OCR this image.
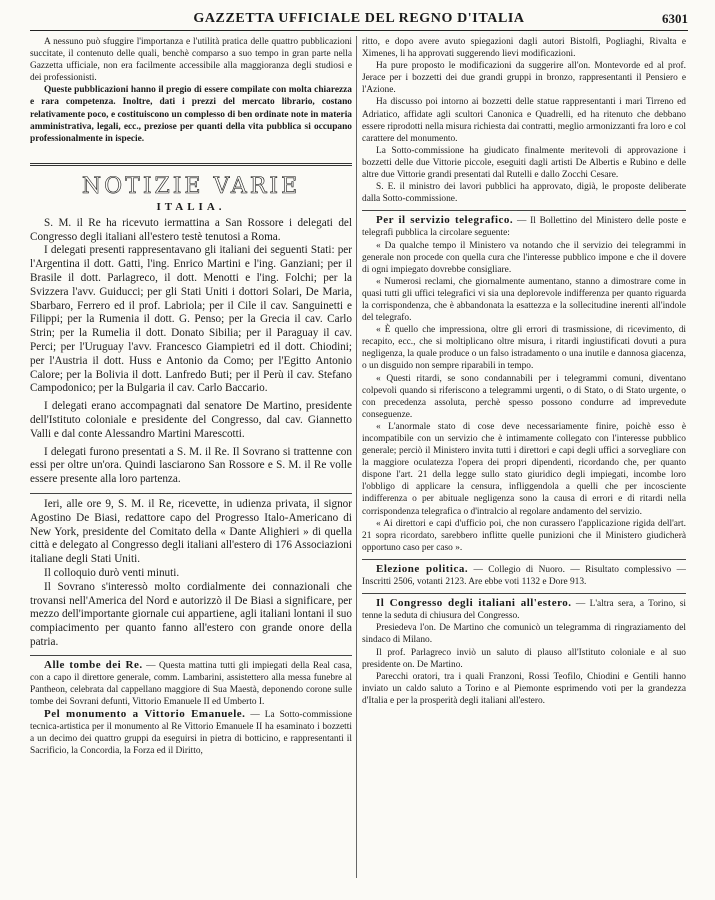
GAZZETTA UFFICIALE DEL REGNO D'ITALIA	6301

A nessuno può sfuggire l'importanza e l'utilità pratica delle quattro pubblicazioni succitate, il contenuto delle quali, benchè comparso a suo tempo in gran parte nella Gazzetta ufficiale, non era facilmente accessibile alla maggioranza degli studiosi e dei professionisti.

Queste pubblicazioni hanno il pregio di essere compilate con molta chiarezza e rara competenza. Inoltre, dati i prezzi del mercato librario, costano relativamente poco, e costituiscono un complesso di ben ordinate note in materia amministrativa, legali, ecc., preziose per quanti della vita pubblica si occupano professionalmente in ispecie.

NOTIZIE VARIE
ITALIA.

S. M. il Re ha ricevuto iermattina a San Rossore i delegati del Congresso degli italiani all'estero testè tenutosi a Roma.

I delegati presenti rappresentavano gli italiani dei seguenti Stati: per l'Argentina il dott. Gatti, l'ing. Enrico Martini e l'ing. Ganziani; per il Brasile il dott. Parlagreco, il dott. Menotti e l'ing. Folchi; per la Svizzera l'avv. Guiducci; per gli Stati Uniti i dottori Solari, De Maria, Sbarbaro, Ferrero ed il prof. Labriola; per il Cile il cav. Sanguinetti e Filippi; per la Rumenia il dott. G. Penso; per la Grecia il cav. Carlo Strin; per la Rumelia il dott. Donato Sibilia; per il Paraguay il cav. Perci; per l'Uruguay l'avv. Francesco Giampietri ed il dott. Chiodini; per l'Austria il dott. Huss e Antonio da Como; per l'Egitto Antonio Calore; per la Bolivia il dott. Lanfredo Buti; per il Perù il cav. Stefano Campodonico; per la Bulgaria il cav. Carlo Baccario.

I delegati erano accompagnati dal senatore De Martino, presidente dell'Istituto coloniale e presidente del Congresso, dal cav. Giannetto Valli e dal conte Alessandro Martini Marescotti.

I delegati furono presentati a S. M. il Re. Il Sovrano si trattenne con essi per oltre un'ora. Quindi lasciarono San Rossore e S. M. il Re volle essere presente alla loro partenza.

Ieri, alle ore 9, S. M. il Re, ricevette, in udienza privata, il signor Agostino De Biasi, redattore capo del Progresso Italo-Americano di New York, presidente del Comitato della « Dante Alighieri » di quella città e delegato al Congresso degli italiani all'estero di 176 Associazioni italiane degli Stati Uniti.

Il colloquio durò venti minuti.

Il Sovrano s'interessò molto cordialmente dei connazionali che trovansi nell'America del Nord e autorizzò il De Biasi a significare, per mezzo dell'importante giornale cui appartiene, agli italiani lontani il suo compiacimento per quanto fanno all'estero con grande onore della patria.

Alle tombe dei Re. — Questa mattina tutti gli impiegati della Real casa, con a capo il direttore generale, comm. Lambarini, assistettero alla messa funebre al Pantheon, celebrata dal cappellano maggiore di Sua Maestà, deponendo corone sulle tombe dei Sovrani defunti, Vittorio Emanuele II ed Umberto I.

Pel monumento a Vittorio Emanuele. — La Sotto-commissione tecnica-artistica per il monumento al Re Vittorio Emanuele II ha esaminato i bozzetti a un decimo dei quattro gruppi da eseguirsi in pietra di botticino, e rappresentanti il Sacrificio, la Concordia, la Forza ed il Diritto,

ritto, e dopo avere avuto spiegazioni dagli autori Bistolfi, Pogliaghi, Rivalta e Ximenes, li ha approvati suggerendo lievi modificazioni.

Ha pure proposto le modificazioni da suggerire all'on. Montevorde ed al prof. Jerace per i bozzetti dei due grandi gruppi in bronzo, rappresentanti il Pensiero e l'Azione.

Ha discusso poi intorno ai bozzetti delle statue rappresentanti i mari Tirreno ed Adriatico, affidate agli scultori Canonica e Quadrelli, ed ha ritenuto che debbano essere riprodotti nella misura richiesta dai contratti, meglio armonizzanti fra loro e col carattere del monumento.

La Sotto-commissione ha giudicato finalmente meritevoli di approvazione i bozzetti delle due Vittorie piccole, eseguiti dagli artisti De Albertis e Rubino e delle altre due Vittorie grandi presentati dal Rutelli e dallo Zocchi Cesare.

S. E. il ministro dei lavori pubblici ha approvato, digià, le proposte deliberate dalla Sotto-commissione.

Per il servizio telegrafico. — Il Bollettino del Ministero delle poste e telegrafi pubblica la circolare seguente:

« Da qualche tempo il Ministero va notando che il servizio dei telegrammi in generale non procede con quella cura che l'interesse pubblico impone e che il dovere di ogni impiegato dovrebbe consigliare.

« Numerosi reclami, che giornalmente aumentano, stanno a dimostrare come in quasi tutti gli uffici telegrafici vi sia una deplorevole indifferenza per quanto riguarda la corrispondenza, che è abbandonata la esattezza e la sollecitudine inerenti all'indole del telegrafo.

« È quello che impressiona, oltre gli errori di trasmissione, di ricevimento, di recapito, ecc., che si moltiplicano oltre misura, i ritardi ingiustificati dovuti a pura negligenza, la quale produce o un falso istradamento o una inutile e dannosa giacenza, o un disguido non sempre riparabili in tempo.

« Questi ritardi, se sono condannabili per i telegrammi comuni, diventano colpevoli quando si riferiscono a telegrammi urgenti, o di Stato, o di Stato urgente, o con precedenza assoluta, perchè spesso possono condurre ad imprevedute conseguenze.

« L'anormale stato di cose deve necessariamente finire, poichè esso è incompatibile con un servizio che è intimamente collegato con l'interesse pubblico generale; perciò il Ministero invita tutti i direttori e capi degli uffici a sorvegliare con la maggiore oculatezza l'opera dei propri dipendenti, ricordando che, per quanto dispone l'art. 21 della legge sullo stato giuridico degli impiegati, incombe loro l'obbligo di applicare la censura, infliggendola a quelli che per incosciente indifferenza o per abituale negligenza sono la causa di errori e di ritardi nella corrispondenza telegrafica o d'intralcio al regolare andamento del servizio.

« Ai direttori e capi d'ufficio poi, che non curassero l'applicazione rigida dell'art. 21 sopra ricordato, sarebbero inflitte quelle punizioni che il Ministero giudicherà opportuno caso per caso ».

Elezione politica. — Collegio di Nuoro. — Risultato complessivo — Inscritti 2506, votanti 2123. Are ebbe voti 1132 e Dore 913.

Il Congresso degli italiani all'estero. — L'altra sera, a Torino, si tenne la seduta di chiusura del Congresso.

Presiedeva l'on. De Martino che comunicò un telegramma di ringraziamento del sindaco di Milano.

Il prof. Parlagreco inviò un saluto di plauso all'Istituto coloniale e al suo presidente on. De Martino.

Parecchi oratori, tra i quali Franzoni, Rossi Teofilo, Chiodini e Gentili hanno inviato un caldo saluto a Torino e al Piemonte esprimendo voti per la grandezza d'Italia e per la prosperità degli italiani all'estero.
